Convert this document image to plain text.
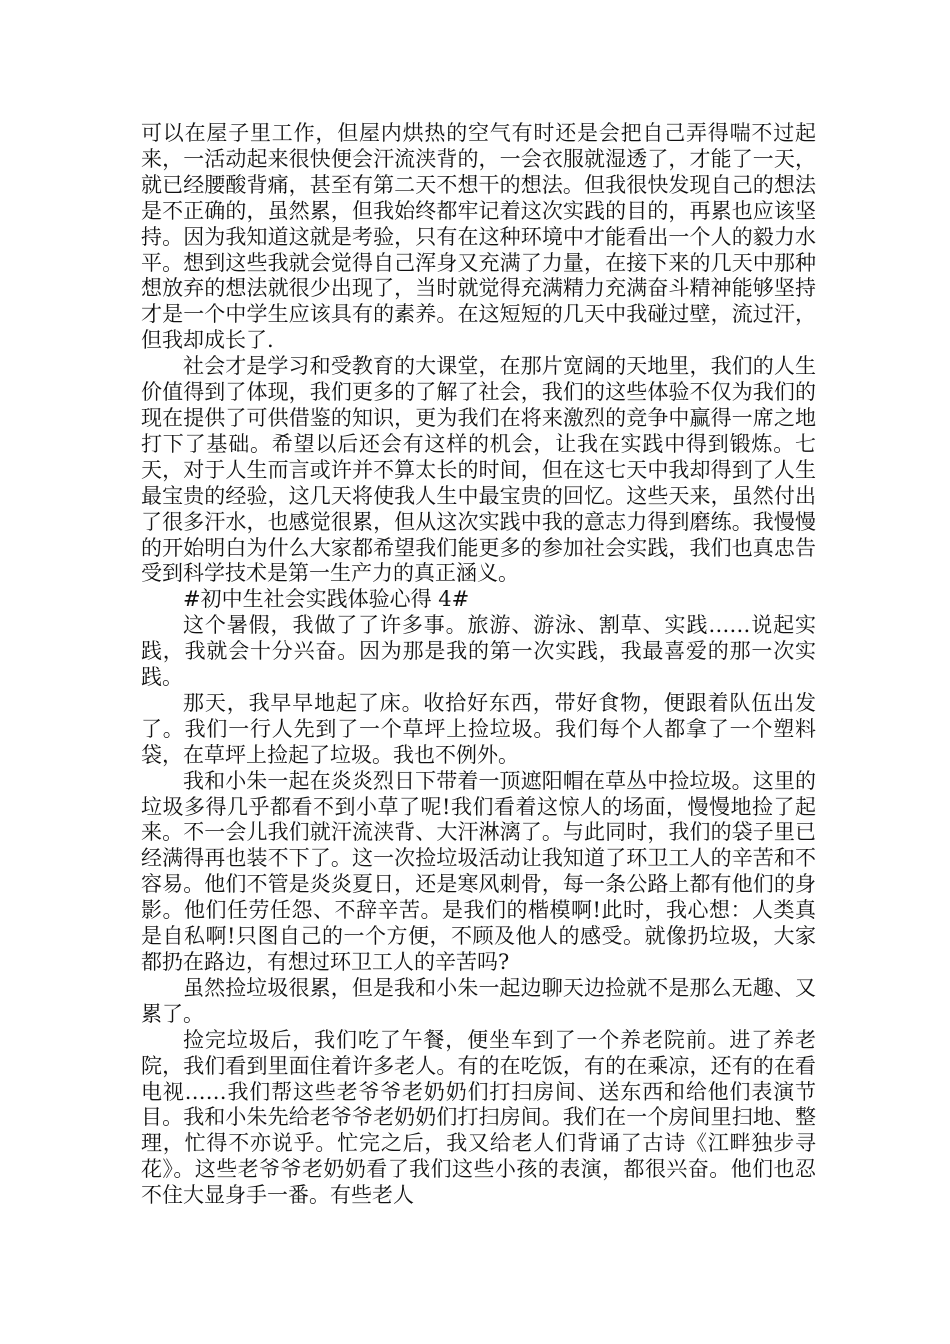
可以在屋子里工作，但屋内烘热的空气有时还是会把自己弄得喘不过起来，一活动起来很快便会汗流浃背的，一会衣服就湿透了，才能了一天，就已经腰酸背痛，甚至有第二天不想干的想法。但我很快发现自己的想法是不正确的，虽然累，但我始终都牢记着这次实践的目的，再累也应该坚持。因为我知道这就是考验，只有在这种环境中才能看出一个人的毅力水平。想到这些我就会觉得自己浑身又充满了力量，在接下来的几天中那种想放弃的想法就很少出现了，当时就觉得充满精力充满奋斗精神能够坚持才是一个中学生应该具有的素养。在这短短的几天中我碰过壁，流过汗，但我却成长了.

社会才是学习和受教育的大课堂，在那片宽阔的天地里，我们的人生价值得到了体现，我们更多的了解了社会，我们的这些体验不仅为我们的现在提供了可供借鉴的知识，更为我们在将来激烈的竞争中赢得一席之地打下了基础。希望以后还会有这样的机会，让我在实践中得到锻炼。七天，对于人生而言或许并不算太长的时间，但在这七天中我却得到了人生最宝贵的经验，这几天将使我人生中最宝贵的回忆。这些天来，虽然付出了很多汗水，也感觉很累，但从这次实践中我的意志力得到磨练。我慢慢的开始明白为什么大家都希望我们能更多的参加社会实践，我们也真忠告受到科学技术是第一生产力的真正涵义。

#初中生社会实践体验心得 4#

这个暑假，我做了了许多事。旅游、游泳、割草、实践……说起实践，我就会十分兴奋。因为那是我的第一次实践，我最喜爱的那一次实践。

那天，我早早地起了床。收拾好东西，带好食物，便跟着队伍出发了。我们一行人先到了一个草坪上捡垃圾。我们每个人都拿了一个塑料袋，在草坪上捡起了垃圾。我也不例外。

我和小朱一起在炎炎烈日下带着一顶遮阳帽在草丛中捡垃圾。这里的垃圾多得几乎都看不到小草了呢!我们看着这惊人的场面，慢慢地捡了起来。不一会儿我们就汗流浃背、大汗淋漓了。与此同时，我们的袋子里已经满得再也装不下了。这一次捡垃圾活动让我知道了环卫工人的辛苦和不容易。他们不管是炎炎夏日，还是寒风刺骨，每一条公路上都有他们的身影。他们任劳任怨、不辞辛苦。是我们的楷模啊!此时，我心想：人类真是自私啊!只图自己的一个方便，不顾及他人的感受。就像扔垃圾，大家都扔在路边，有想过环卫工人的辛苦吗?

虽然捡垃圾很累，但是我和小朱一起边聊天边捡就不是那么无趣、又累了。

捡完垃圾后，我们吃了午餐，便坐车到了一个养老院前。进了养老院，我们看到里面住着许多老人。有的在吃饭，有的在乘凉，还有的在看电视……我们帮这些老爷爷老奶奶们打扫房间、送东西和给他们表演节目。我和小朱先给老爷爷老奶奶们打扫房间。我们在一个房间里扫地、整理，忙得不亦说乎。忙完之后，我又给老人们背诵了古诗《江畔独步寻花》。这些老爷爷老奶奶看了我们这些小孩的表演，都很兴奋。他们也忍不住大显身手一番。有些老人
